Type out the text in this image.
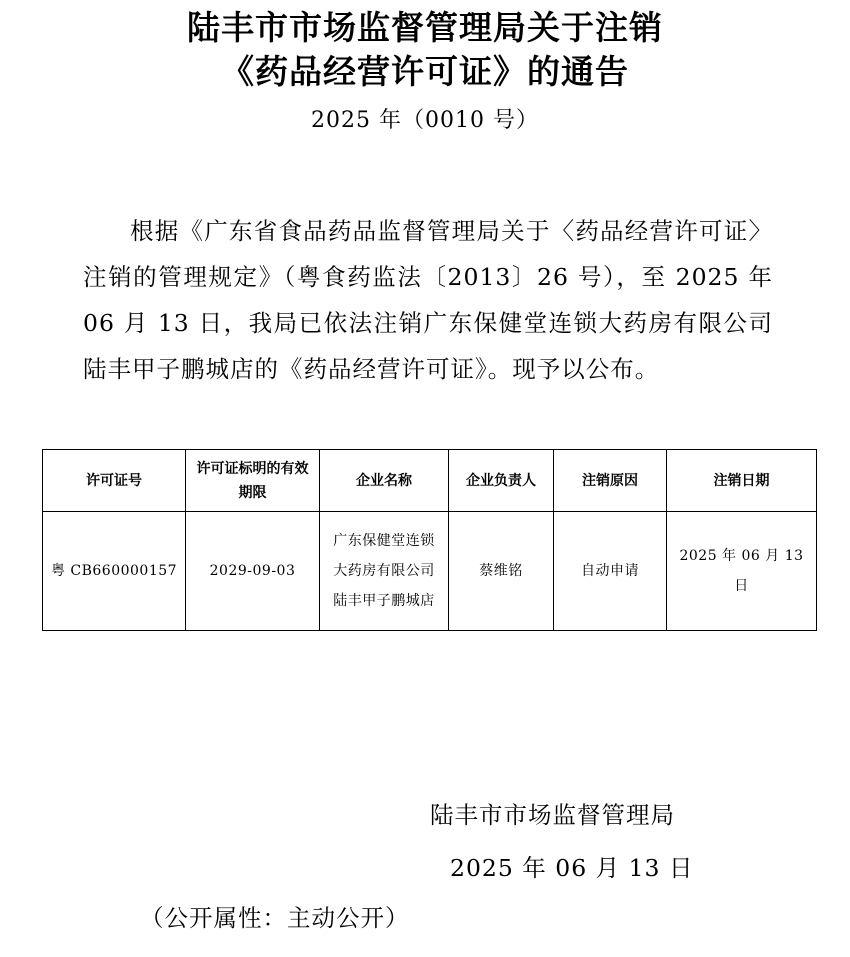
陆丰市市场监督管理局关于注销
《药品经营许可证》的通告
2025 年（0010 号）

根据《广东省食品药品监督管理局关于〈药品经营许可证〉注销的管理规定》（粤食药监法〔2013〕26 号），至 2025 年 06 月 13 日，我局已依法注销广东保健堂连锁大药房有限公司陆丰甲子鹏城店的《药品经营许可证》。现予以公布。

许可证号	许可证标明的有效期限	企业名称	企业负责人	注销原因	注销日期
粤 CB660000157	2029-09-03	广东保健堂连锁大药房有限公司陆丰甲子鹏城店	蔡维铭	自动申请	2025 年 06 月 13 日
陆丰市市场监督管理局
2025 年 06 月 13 日
（公开属性：主动公开）
